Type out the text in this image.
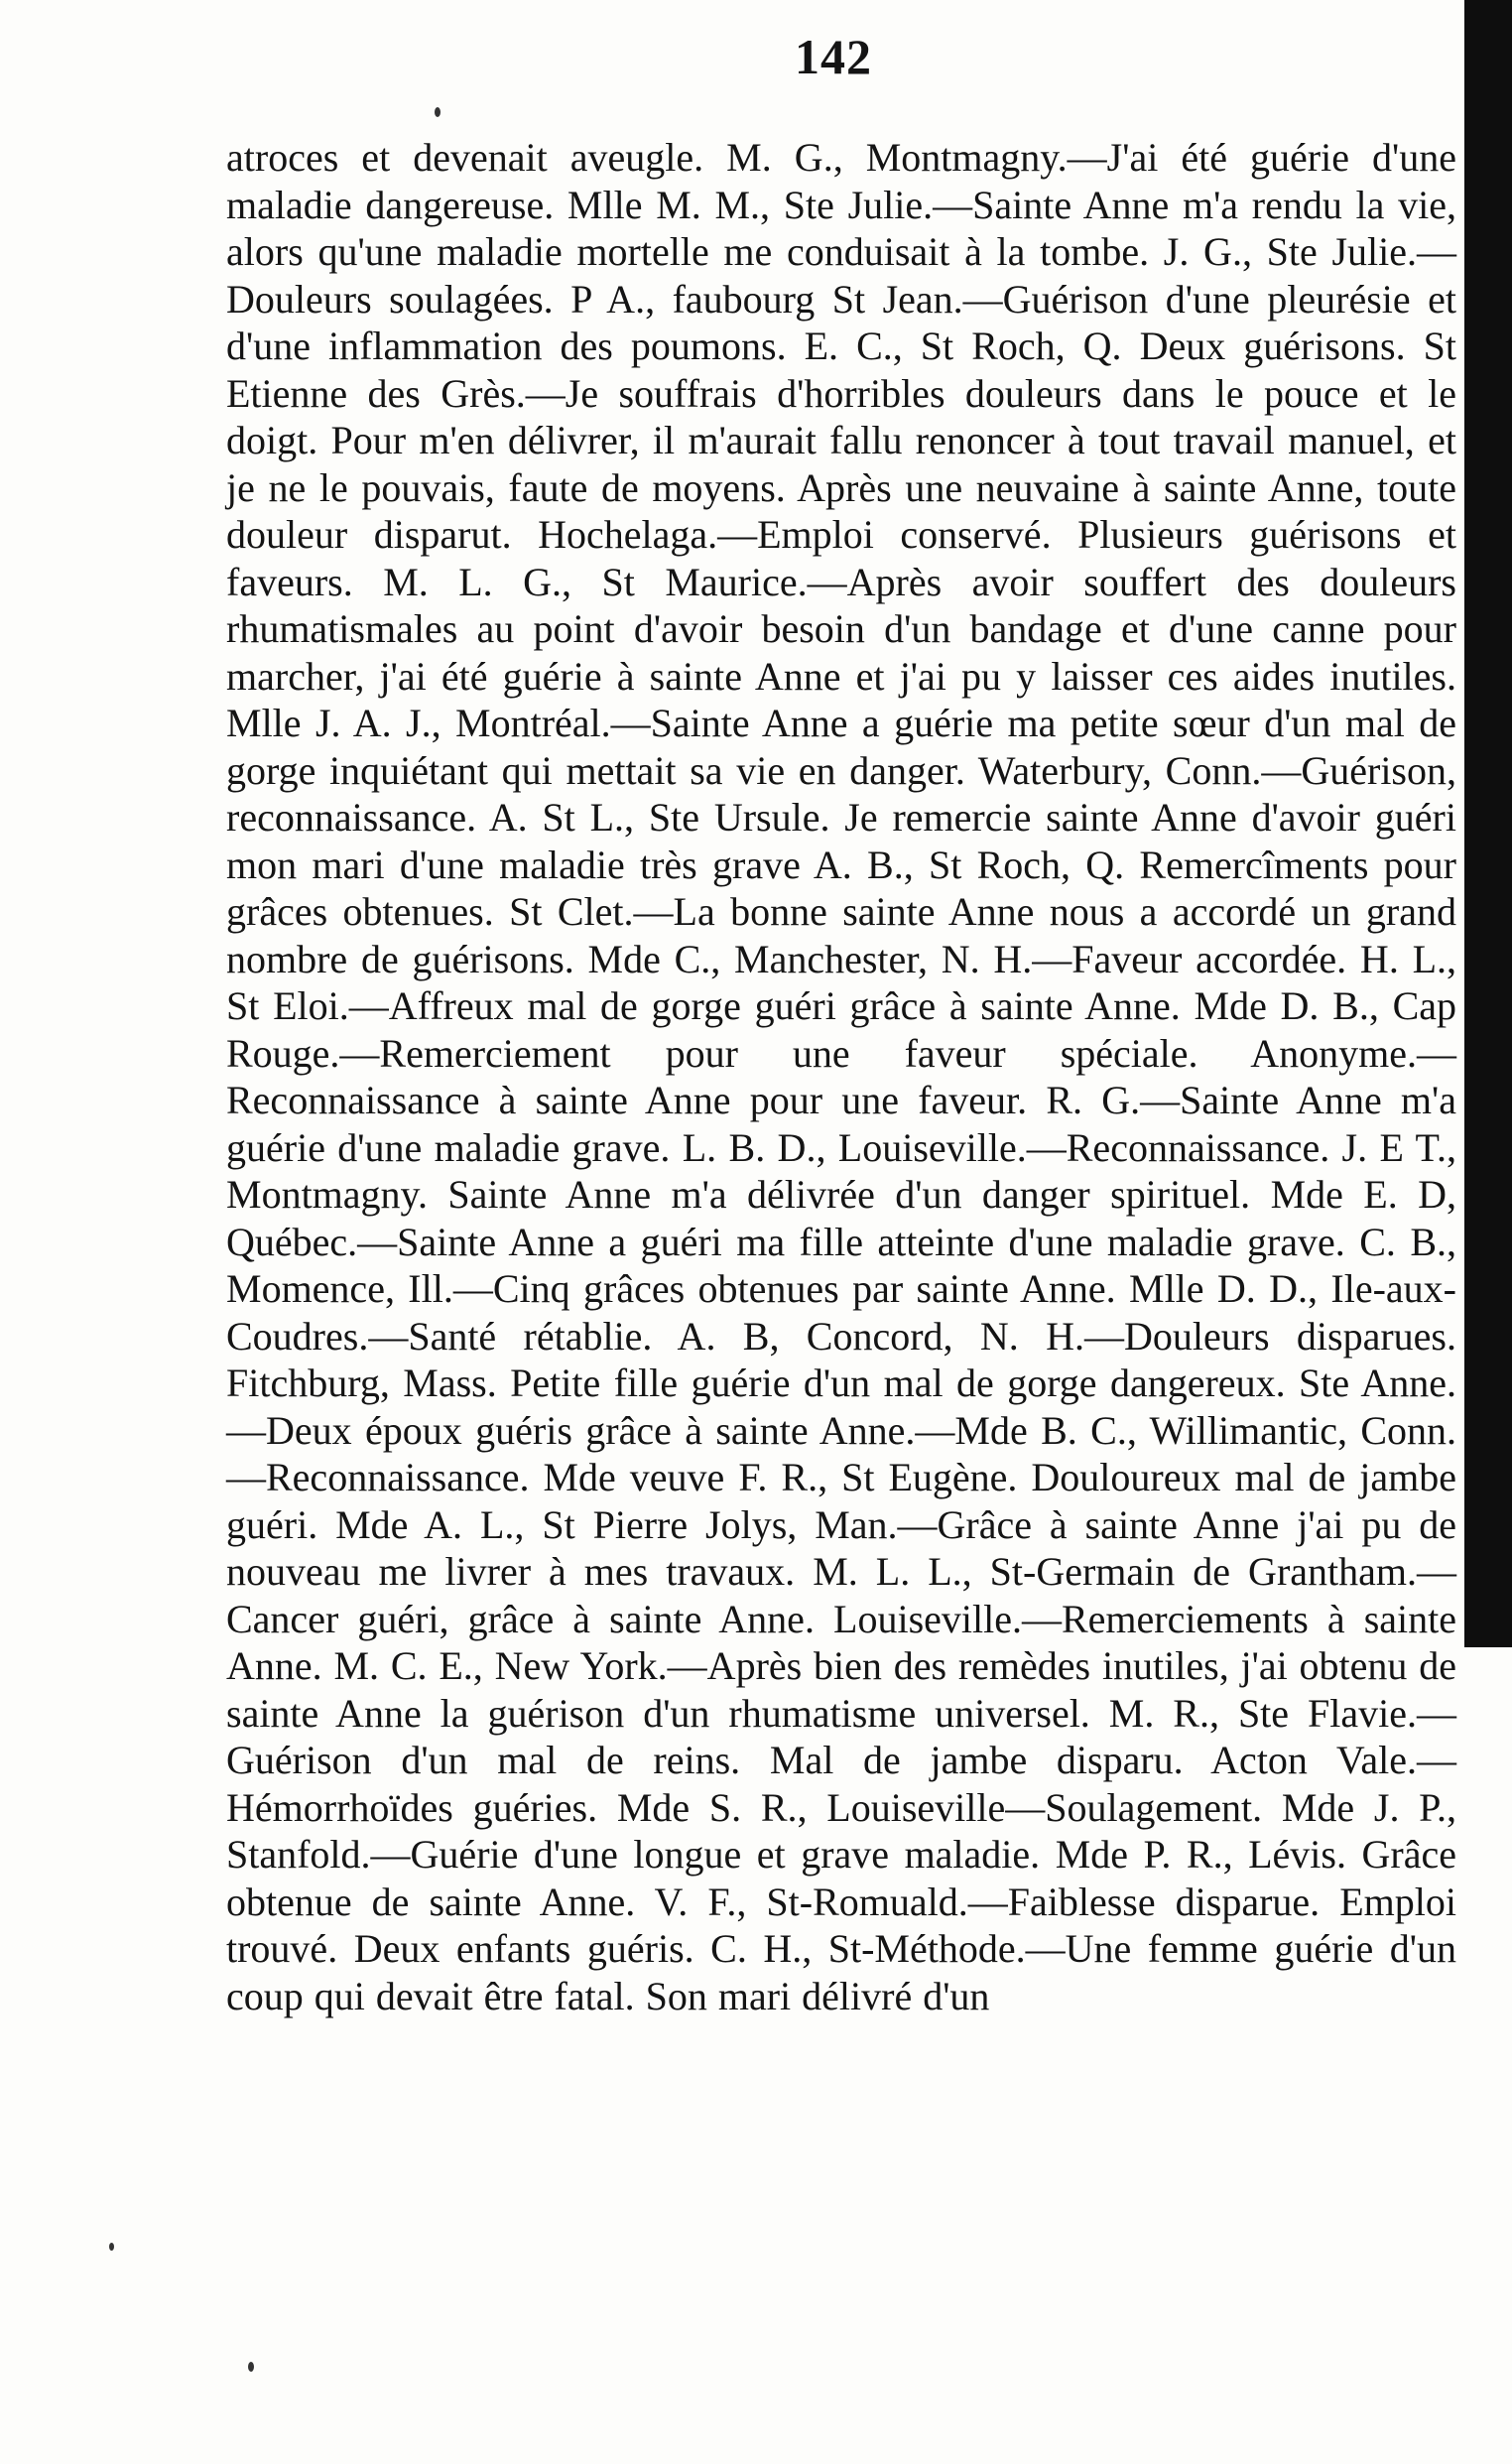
142

atroces et devenait aveugle. M. G., Montmagny.—J'ai été guérie d'une maladie dangereuse. Mlle M. M., Ste Julie.—Sainte Anne m'a rendu la vie, alors qu'une maladie mortelle me conduisait à la tombe. J. G., Ste Julie.—Douleurs soulagées. P A., faubourg St Jean.—Guérison d'une pleurésie et d'une inflammation des poumons. E. C., St Roch, Q. Deux guérisons. St Etienne des Grès.—Je souffrais d'horribles douleurs dans le pouce et le doigt. Pour m'en délivrer, il m'aurait fallu renoncer à tout travail manuel, et je ne le pouvais, faute de moyens. Après une neuvaine à sainte Anne, toute douleur disparut. Hochelaga.—Emploi conservé. Plusieurs guérisons et faveurs. M. L. G., St Maurice.—Après avoir souffert des douleurs rhumatismales au point d'avoir besoin d'un bandage et d'une canne pour marcher, j'ai été guérie à sainte Anne et j'ai pu y laisser ces aides inutiles. Mlle J. A. J., Montréal.—Sainte Anne a guérie ma petite sœur d'un mal de gorge inquiétant qui mettait sa vie en danger. Waterbury, Conn.—Guérison, reconnaissance. A. St L., Ste Ursule. Je remercie sainte Anne d'avoir guéri mon mari d'une maladie très grave A. B., St Roch, Q. Remercîments pour grâces obtenues. St Clet.—La bonne sainte Anne nous a accordé un grand nombre de guérisons. Mde C., Manchester, N. H.—Faveur accordée. H. L., St Eloi.—Affreux mal de gorge guéri grâce à sainte Anne. Mde D. B., Cap Rouge.—Remerciement pour une faveur spéciale. Anonyme.—Reconnaissance à sainte Anne pour une faveur. R. G.—Sainte Anne m'a guérie d'une maladie grave. L. B. D., Louiseville.—Reconnaissance. J. E T., Montmagny. Sainte Anne m'a délivrée d'un danger spirituel. Mde E. D, Québec.—Sainte Anne a guéri ma fille atteinte d'une maladie grave. C. B., Momence, Ill.—Cinq grâces obtenues par sainte Anne. Mlle D. D., Ile-aux-Coudres.—Santé rétablie. A. B, Concord, N. H.—Douleurs disparues. Fitchburg, Mass. Petite fille guérie d'un mal de gorge dangereux. Ste Anne.—Deux époux guéris grâce à sainte Anne.—Mde B. C., Willimantic, Conn.—Reconnaissance. Mde veuve F. R., St Eugène. Douloureux mal de jambe guéri. Mde A. L., St Pierre Jolys, Man.—Grâce à sainte Anne j'ai pu de nouveau me livrer à mes travaux. M. L. L., St-Germain de Grantham.—Cancer guéri, grâce à sainte Anne. Louiseville.—Remerciements à sainte Anne. M. C. E., New York.—Après bien des remèdes inutiles, j'ai obtenu de sainte Anne la guérison d'un rhumatisme universel. M. R., Ste Flavie.—Guérison d'un mal de reins. Mal de jambe disparu. Acton Vale.—Hémorrhoïdes guéries. Mde S. R., Louiseville—Soulagement. Mde J. P., Stanfold.—Guérie d'une longue et grave maladie. Mde P. R., Lévis. Grâce obtenue de sainte Anne. V. F., St-Romuald.—Faiblesse disparue. Emploi trouvé. Deux enfants guéris. C. H., St-Méthode.—Une femme guérie d'un coup qui devait être fatal. Son mari délivré d'un
